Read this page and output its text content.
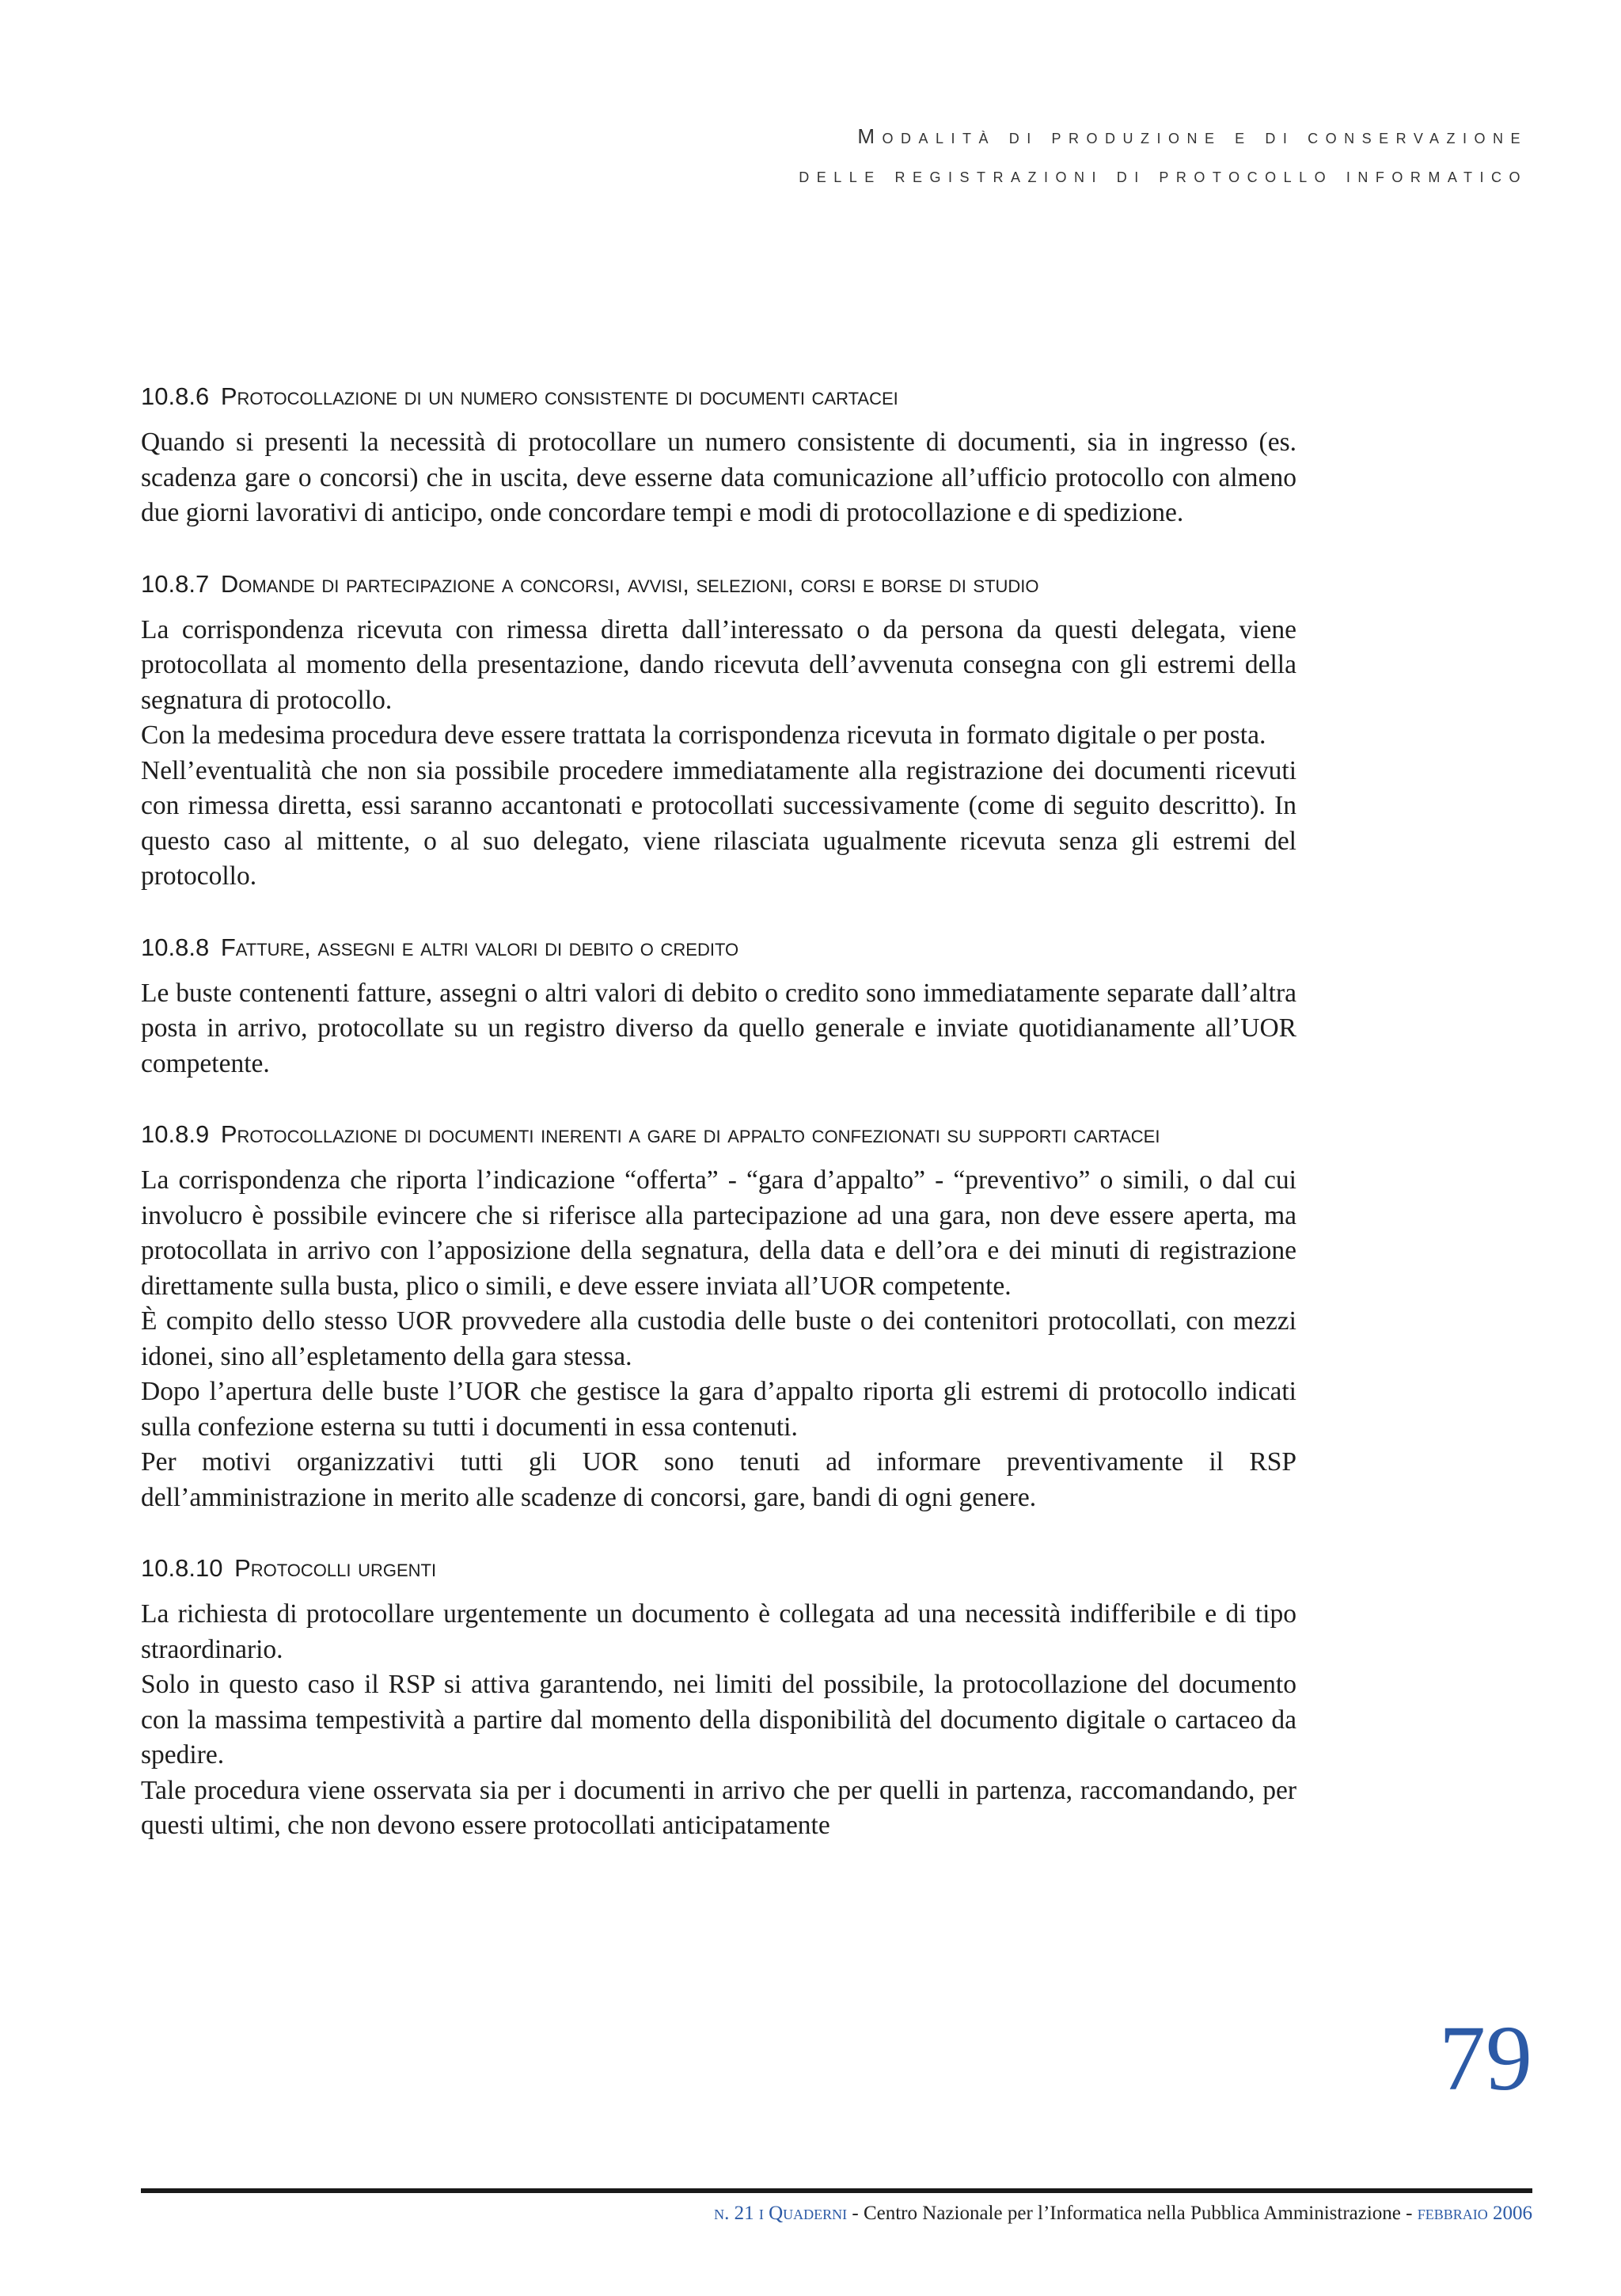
Modalità di produzione e di conservazione
delle registrazioni di protocollo informatico
10.8.6 Protocollazione di un numero consistente di documenti cartacei

Quando si presenti la necessità di protocollare un numero consistente di documenti, sia in ingresso (es. scadenza gare o concorsi) che in uscita, deve esserne data comunicazione all’ufficio protocollo con almeno due giorni lavorativi di anticipo, onde concordare tempi e modi di protocollazione e di spedizione.

10.8.7 Domande di partecipazione a concorsi, avvisi, selezioni, corsi e borse di studio

La corrispondenza ricevuta con rimessa diretta dall’interessato o da persona da questi delegata, viene protocollata al momento della presentazione, dando ricevuta dell’avvenuta consegna con gli estremi della segnatura di protocollo.

Con la medesima procedura deve essere trattata la corrispondenza ricevuta in formato digitale o per posta.

Nell’eventualità che non sia possibile procedere immediatamente alla registrazione dei documenti ricevuti con rimessa diretta, essi saranno accantonati e protocollati successivamente (come di seguito descritto). In questo caso al mittente, o al suo delegato, viene rilasciata ugualmente ricevuta senza gli estremi del protocollo.

10.8.8 Fatture, assegni e altri valori di debito o credito

Le buste contenenti fatture, assegni o altri valori di debito o credito sono immediatamente separate dall’altra posta in arrivo, protocollate su un registro diverso da quello generale e inviate quotidianamente all’UOR competente.

10.8.9 Protocollazione di documenti inerenti a gare di appalto confezionati su supporti cartacei

La corrispondenza che riporta l’indicazione “offerta” - “gara d’appalto” - “preventivo” o simili, o dal cui involucro è possibile evincere che si riferisce alla partecipazione ad una gara, non deve essere aperta, ma protocollata in arrivo con l’apposizione della segnatura, della data e dell’ora e dei minuti di registrazione direttamente sulla busta, plico o simili, e deve essere inviata all’UOR competente.

È compito dello stesso UOR provvedere alla custodia delle buste o dei contenitori protocollati, con mezzi idonei, sino all’espletamento della gara stessa.

Dopo l’apertura delle buste l’UOR che gestisce la gara d’appalto riporta gli estremi di protocollo indicati sulla confezione esterna su tutti i documenti in essa contenuti.

Per motivi organizzativi tutti gli UOR sono tenuti ad informare preventivamente il RSP dell’amministrazione in merito alle scadenze di concorsi, gare, bandi di ogni genere.

10.8.10 Protocolli urgenti

La richiesta di protocollare urgentemente un documento è collegata ad una necessità indifferibile e di tipo straordinario.

Solo in questo caso il RSP si attiva garantendo, nei limiti del possibile, la protocollazione del documento con la massima tempestività a partire dal momento della disponibilità del documento digitale o cartaceo da spedire.

Tale procedura viene osservata sia per i documenti in arrivo che per quelli in partenza, raccomandando, per questi ultimi, che non devono essere protocollati anticipatamente

79
n. 21 i Quaderni - Centro Nazionale per l’Informatica nella Pubblica Amministrazione - febbraio 2006
